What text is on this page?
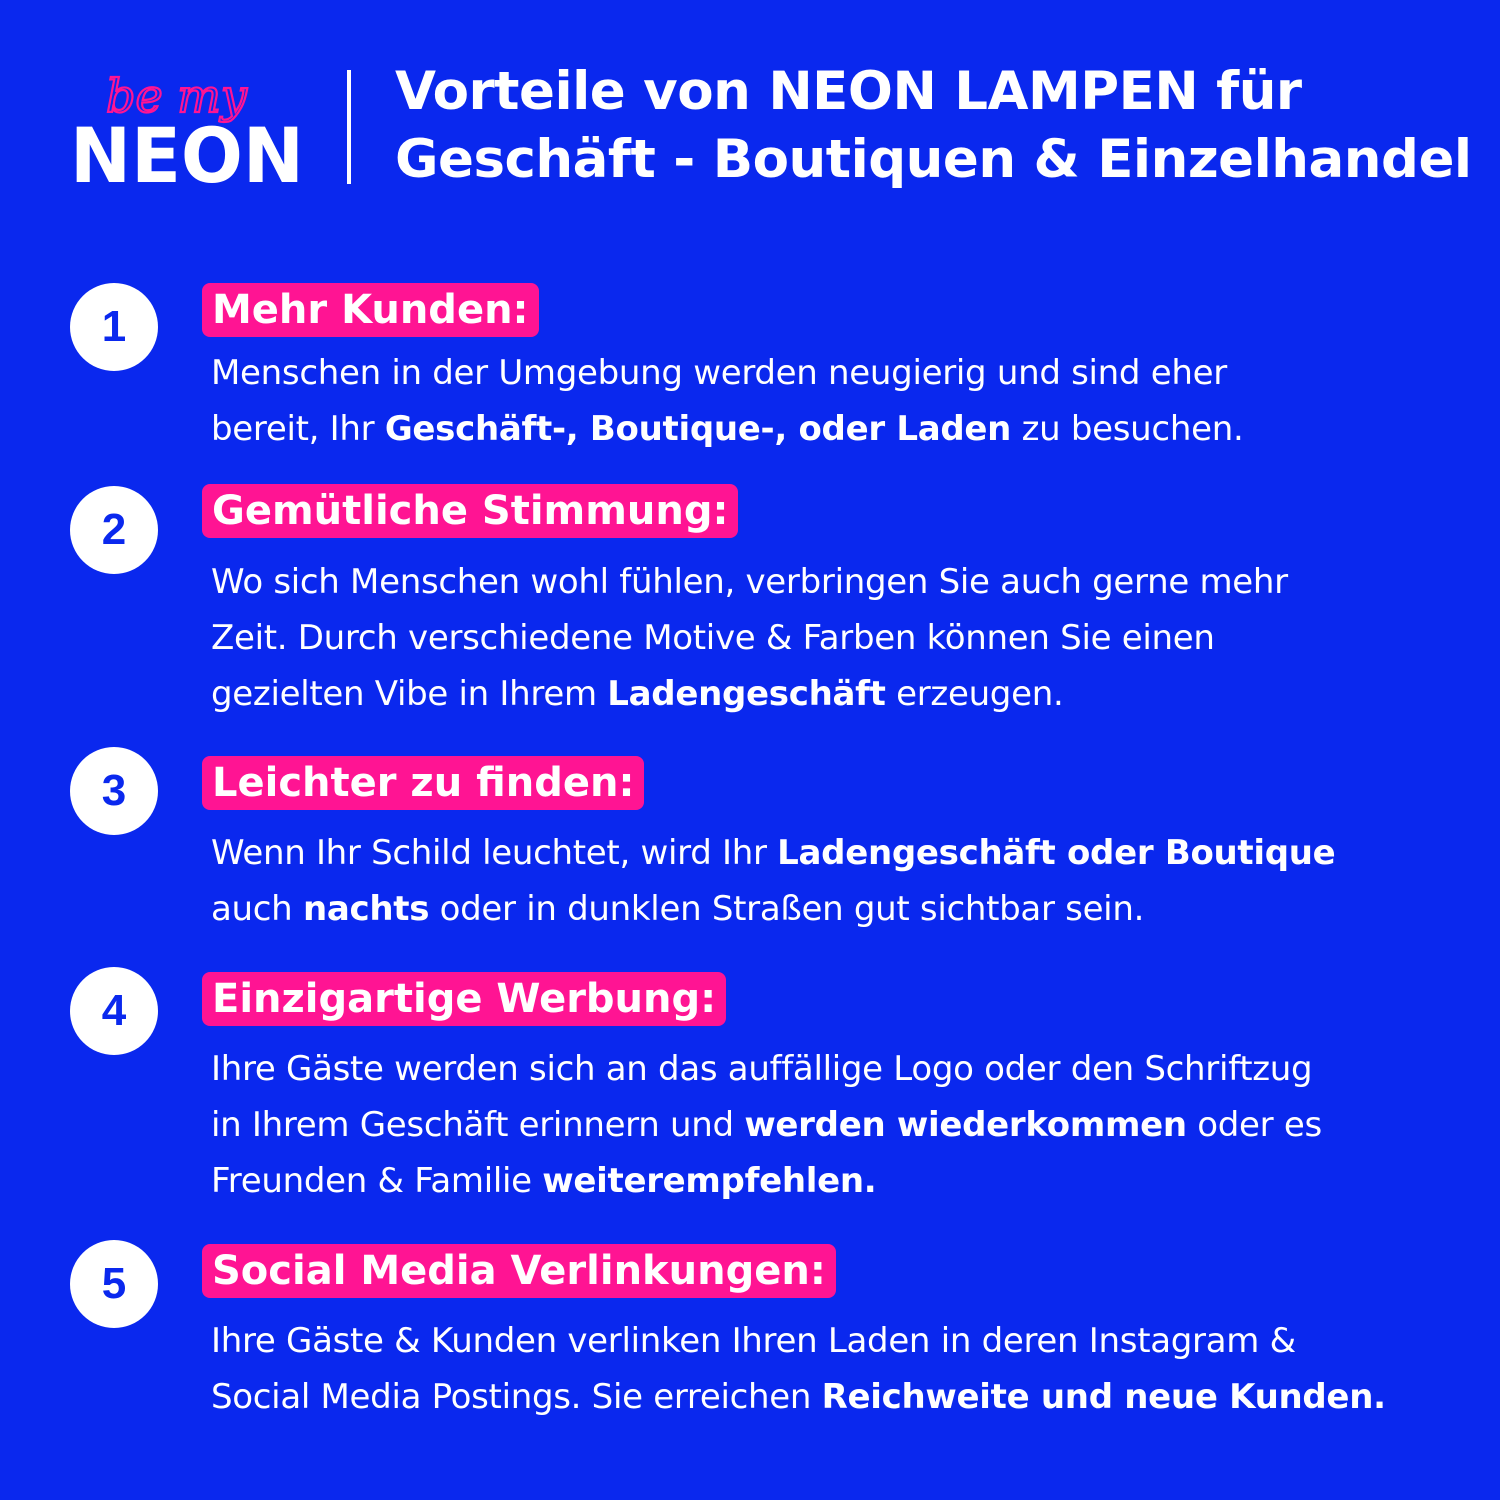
be my
NEON
Vorteile von NEON LAMPEN für
Geschäft - Boutiquen & Einzelhandel
1	Mehr Kunden:

Menschen in der Umgebung werden neugierig und sind eher
bereit, Ihr Geschäft-, Boutique-, oder Laden zu besuchen.

2	Gemütliche Stimmung:

Wo sich Menschen wohl fühlen, verbringen Sie auch gerne mehr
Zeit. Durch verschiedene Motive & Farben können Sie einen
gezielten Vibe in Ihrem Ladengeschäft erzeugen.

3	Leichter zu finden:

Wenn Ihr Schild leuchtet, wird Ihr Ladengeschäft oder Boutique
auch nachts oder in dunklen Straßen gut sichtbar sein.

4	Einzigartige Werbung:

Ihre Gäste werden sich an das auffällige Logo oder den Schriftzug
in Ihrem Geschäft erinnern und werden wiederkommen oder es
Freunden & Familie weiterempfehlen.

5	Social Media Verlinkungen:

Ihre Gäste & Kunden verlinken Ihren Laden in deren Instagram &
Social Media Postings. Sie erreichen Reichweite und neue Kunden.
